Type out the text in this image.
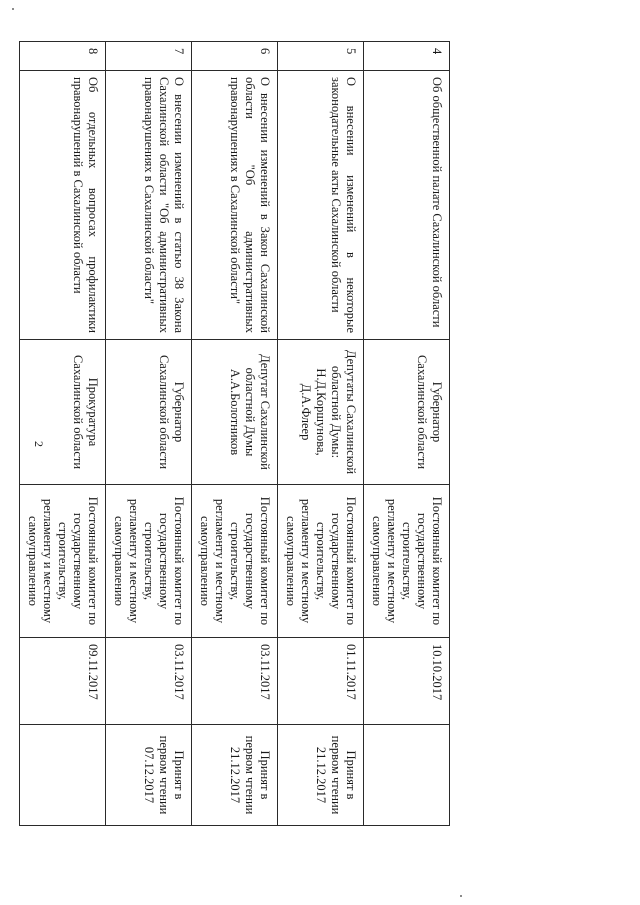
4	Об общественной палате Сахалинской области	Губернатор Сахалинской области	Постоянный комитет по государственному строительству, регламенту и местному самоуправлению	10.10.2017	
5	О внесении изменений в некоторые законодательные акты Сахалинской области	Депутаты Сахалинской областной Думы: Н.Д.Коршунова, Д.А.Флеер	Постоянный комитет по государственному строительству, регламенту и местному самоуправлению	01.11.2017	Принят в первом чтении 21.12.2017
6	О внесении изменений в Закон Сахалинской области "Об административных правонарушениях в Сахалинской области"	Депутат Сахалинской областной Думы А.А.Болотников	Постоянный комитет по государственному строительству, регламенту и местному самоуправлению	03.11.2017	Принят в первом чтении 21.12.2017
7	О внесении изменений в статью 38 Закона Сахалинской области "Об административных правонарушениях в Сахалинской области"	Губернатор Сахалинской области	Постоянный комитет по государственному строительству, регламенту и местному самоуправлению	03.11.2017	Принят в первом чтении 07.12.2017
8	Об отдельных вопросах профилактики правонарушений в Сахалинской области	Прокуратура Сахалинской области	Постоянный комитет по государственному строительству, регламенту и местному самоуправлению	09.11.2017	
2
